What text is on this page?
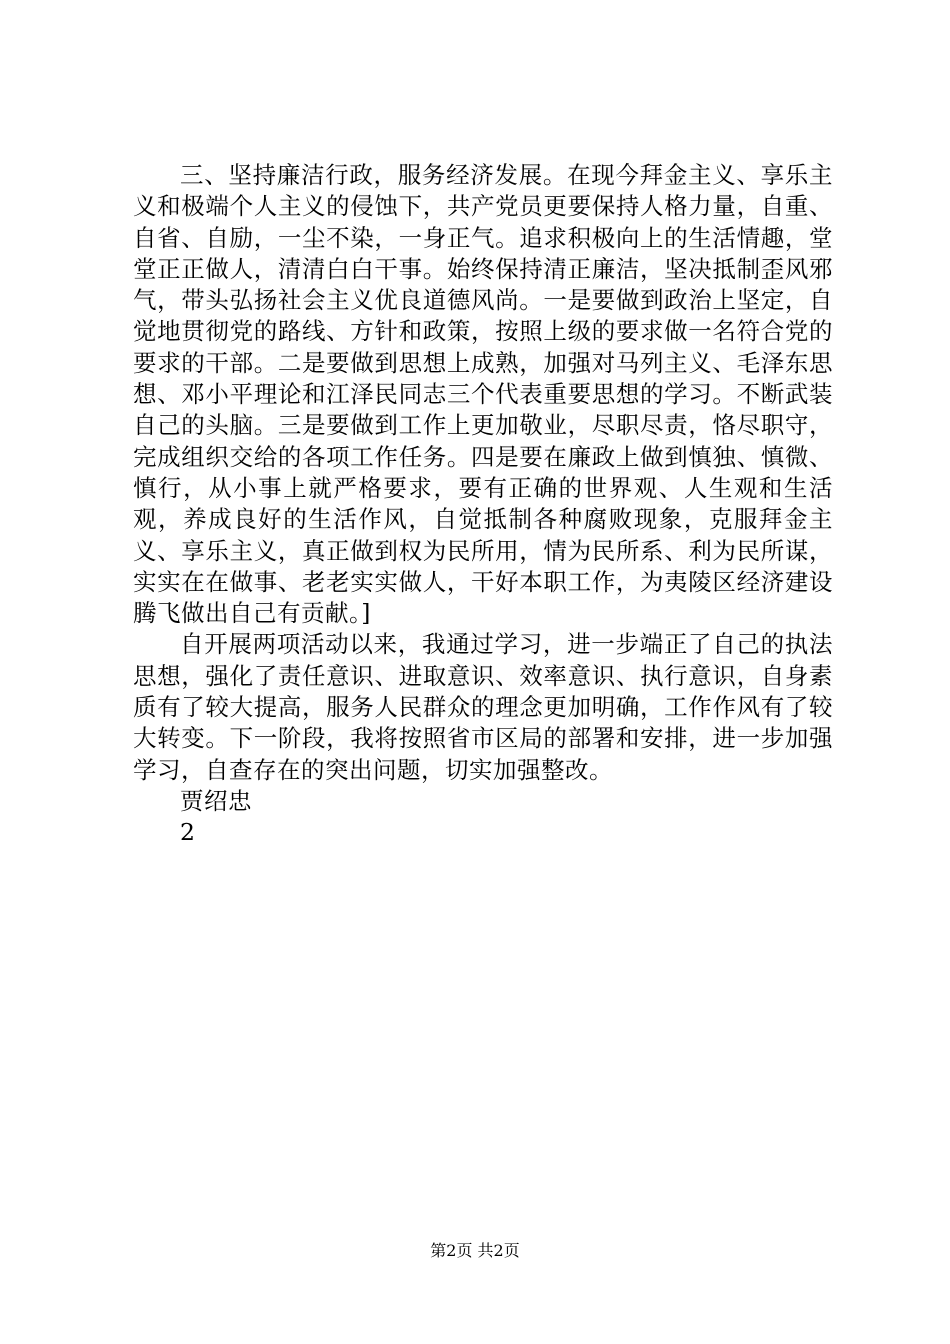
三、坚持廉洁行政，服务经济发展。在现今拜金主义、享乐主义和极端个人主义的侵蚀下，共产党员更要保持人格力量，自重、自省、自励，一尘不染，一身正气。追求积极向上的生活情趣，堂堂正正做人，清清白白干事。始终保持清正廉洁，坚决抵制歪风邪气，带头弘扬社会主义优良道德风尚。一是要做到政治上坚定，自觉地贯彻党的路线、方针和政策，按照上级的要求做一名符合党的要求的干部。二是要做到思想上成熟，加强对马列主义、毛泽东思想、邓小平理论和江泽民同志三个代表重要思想的学习。不断武装自己的头脑。三是要做到工作上更加敬业，尽职尽责，恪尽职守，完成组织交给的各项工作任务。四是要在廉政上做到慎独、慎微、慎行，从小事上就严格要求，要有正确的世界观、人生观和生活观，养成良好的生活作风，自觉抵制各种腐败现象，克服拜金主义、享乐主义，真正做到权为民所用，情为民所系、利为民所谋，实实在在做事、老老实实做人，干好本职工作，为夷陵区经济建设腾飞做出自己有贡献。]

自开展两项活动以来，我通过学习，进一步端正了自己的执法思想，强化了责任意识、进取意识、效率意识、执行意识，自身素质有了较大提高，服务人民群众的理念更加明确，工作作风有了较大转变。下一阶段，我将按照省市区局的部署和安排，进一步加强学习，自查存在的突出问题，切实加强整改。

贾绍忠

2

第2页 共2页
